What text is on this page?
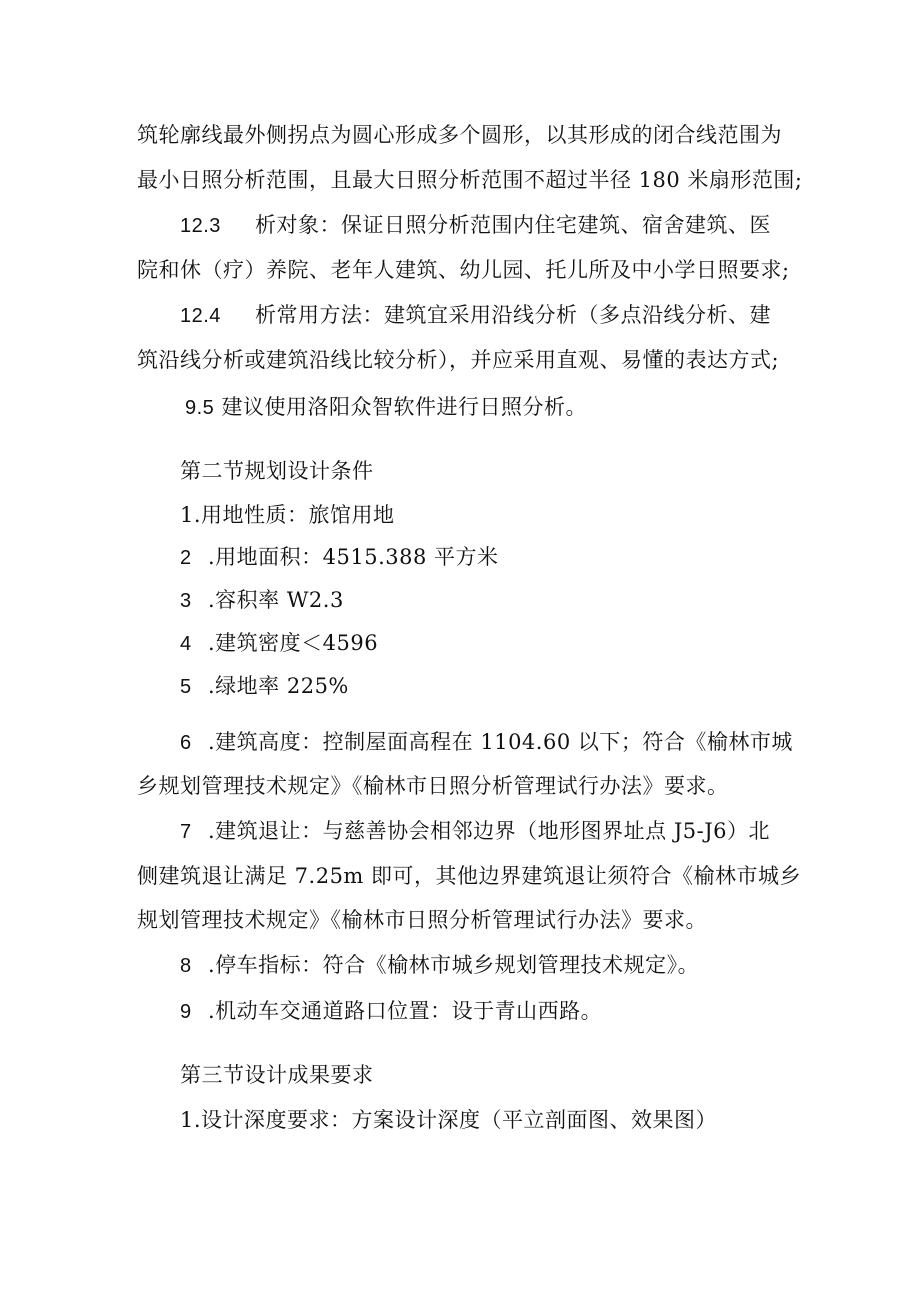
筑轮廓线最外侧拐点为圆心形成多个圆形，以其形成的闭合线范围为
最小日照分析范围，且最大日照分析范围不超过半径 180 米扇形范围;
12.3 析对象：保证日照分析范围内住宅建筑、宿舍建筑、医
院和休（疗）养院、老年人建筑、幼儿园、托儿所及中小学日照要求;
12.4 析常用方法：建筑宜采用沿线分析（多点沿线分析、建
筑沿线分析或建筑沿线比较分析），并应采用直观、易懂的表达方式;
9.5 建议使用洛阳众智软件进行日照分析。
第二节规划设计条件
1.用地性质：旅馆用地
2 .用地面积：4515.388 平方米
3 .容积率 W2.3
4 .建筑密度＜4596
5 .绿地率 225%
6 .建筑高度：控制屋面高程在 1104.60 以下；符合《榆林市城
乡规划管理技术规定》《榆林市日照分析管理试行办法》要求。
7 .建筑退让：与慈善协会相邻边界（地形图界址点 J5-J6）北
侧建筑退让满足 7.25m 即可，其他边界建筑退让须符合《榆林市城乡
规划管理技术规定》《榆林市日照分析管理试行办法》要求。
8 .停车指标：符合《榆林市城乡规划管理技术规定》。
9 .机动车交通道路口位置：设于青山西路。
第三节设计成果要求
1.设计深度要求：方案设计深度（平立剖面图、效果图）
